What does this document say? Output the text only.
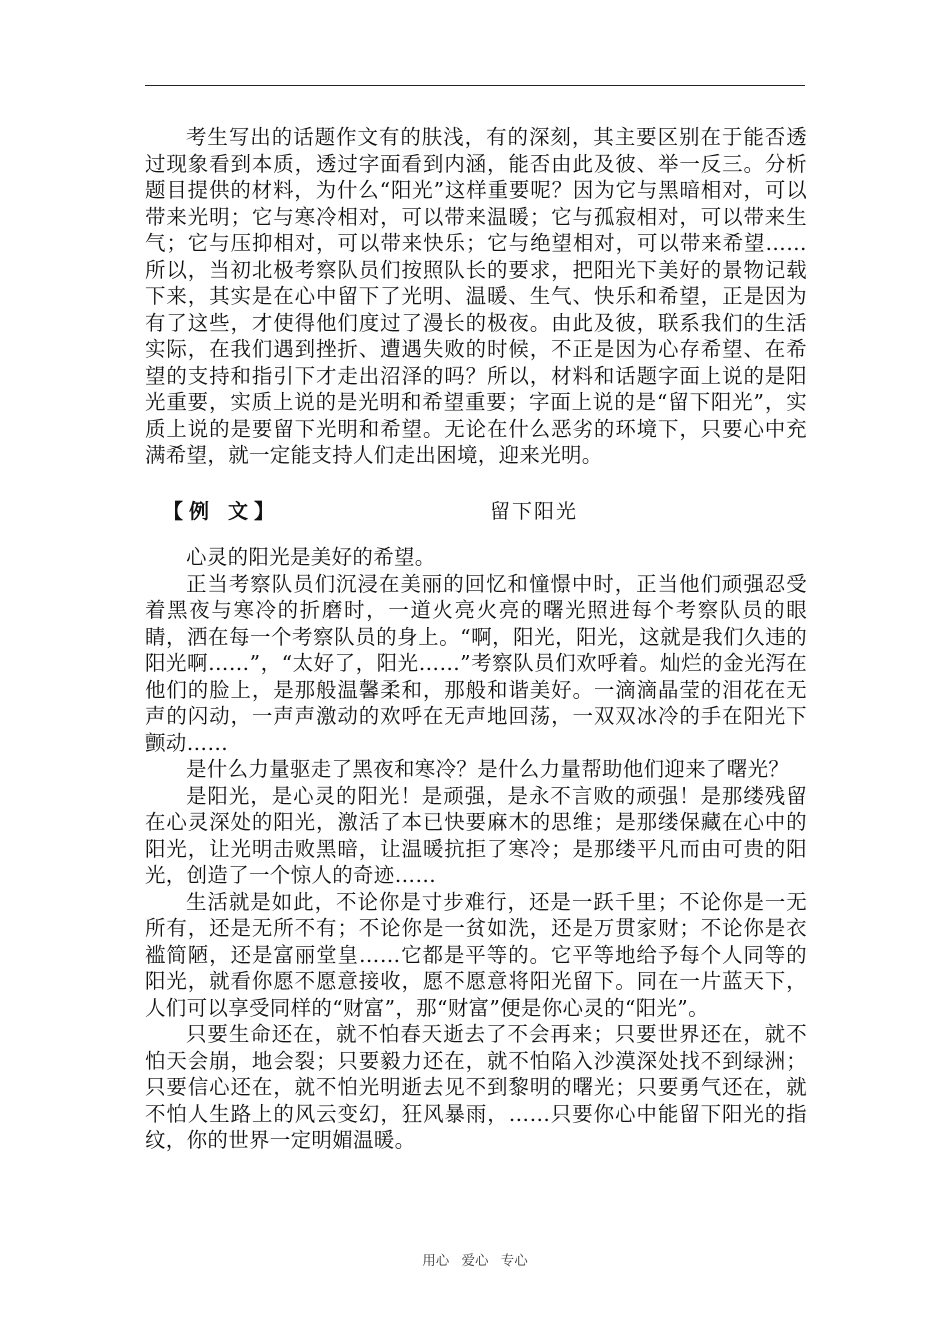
考生写出的话题作文有的肤浅，有的深刻，其主要区别在于能否透过现象看到本质，透过字面看到内涵，能否由此及彼、举一反三。分析题目提供的材料，为什么“阳光”这样重要呢？因为它与黑暗相对，可以带来光明；它与寒冷相对，可以带来温暖；它与孤寂相对，可以带来生气；它与压抑相对，可以带来快乐；它与绝望相对，可以带来希望……所以，当初北极考察队员们按照队长的要求，把阳光下美好的景物记载下来，其实是在心中留下了光明、温暖、生气、快乐和希望，正是因为有了这些，才使得他们度过了漫长的极夜。由此及彼，联系我们的生活实际，在我们遇到挫折、遭遇失败的时候，不正是因为心存希望、在希望的支持和指引下才走出沼泽的吗？所以，材料和话题字面上说的是阳光重要，实质上说的是光明和希望重要；字面上说的是“留下阳光”，实质上说的是要留下光明和希望。无论在什么恶劣的环境下，只要心中充满希望，就一定能支持人们走出困境，迎来光明。

【例 文】	留下阳光

心灵的阳光是美好的希望。

正当考察队员们沉浸在美丽的回忆和憧憬中时，正当他们顽强忍受着黑夜与寒冷的折磨时，一道火亮火亮的曙光照进每个考察队员的眼睛，洒在每一个考察队员的身上。“啊，阳光，阳光，这就是我们久违的阳光啊……”，“太好了，阳光……”考察队员们欢呼着。灿烂的金光泻在他们的脸上，是那般温馨柔和，那般和谐美好。一滴滴晶莹的泪花在无声的闪动，一声声激动的欢呼在无声地回荡，一双双冰冷的手在阳光下颤动……

是什么力量驱走了黑夜和寒冷？是什么力量帮助他们迎来了曙光？

是阳光，是心灵的阳光！是顽强，是永不言败的顽强！是那缕残留在心灵深处的阳光，激活了本已快要麻木的思维；是那缕保藏在心中的阳光，让光明击败黑暗，让温暖抗拒了寒冷；是那缕平凡而由可贵的阳光，创造了一个惊人的奇迹……

生活就是如此，不论你是寸步难行，还是一跃千里；不论你是一无所有，还是无所不有；不论你是一贫如洗，还是万贯家财；不论你是衣褴简陋，还是富丽堂皇……它都是平等的。它平等地给予每个人同等的阳光，就看你愿不愿意接收，愿不愿意将阳光留下。同在一片蓝天下，人们可以享受同样的“财富”，那“财富”便是你心灵的“阳光”。

只要生命还在，就不怕春天逝去了不会再来；只要世界还在，就不怕天会崩，地会裂；只要毅力还在，就不怕陷入沙漠深处找不到绿洲；只要信心还在，就不怕光明逝去见不到黎明的曙光；只要勇气还在，就不怕人生路上的风云变幻，狂风暴雨，……只要你心中能留下阳光的指纹，你的世界一定明媚温暖。

用心 爱心 专心
